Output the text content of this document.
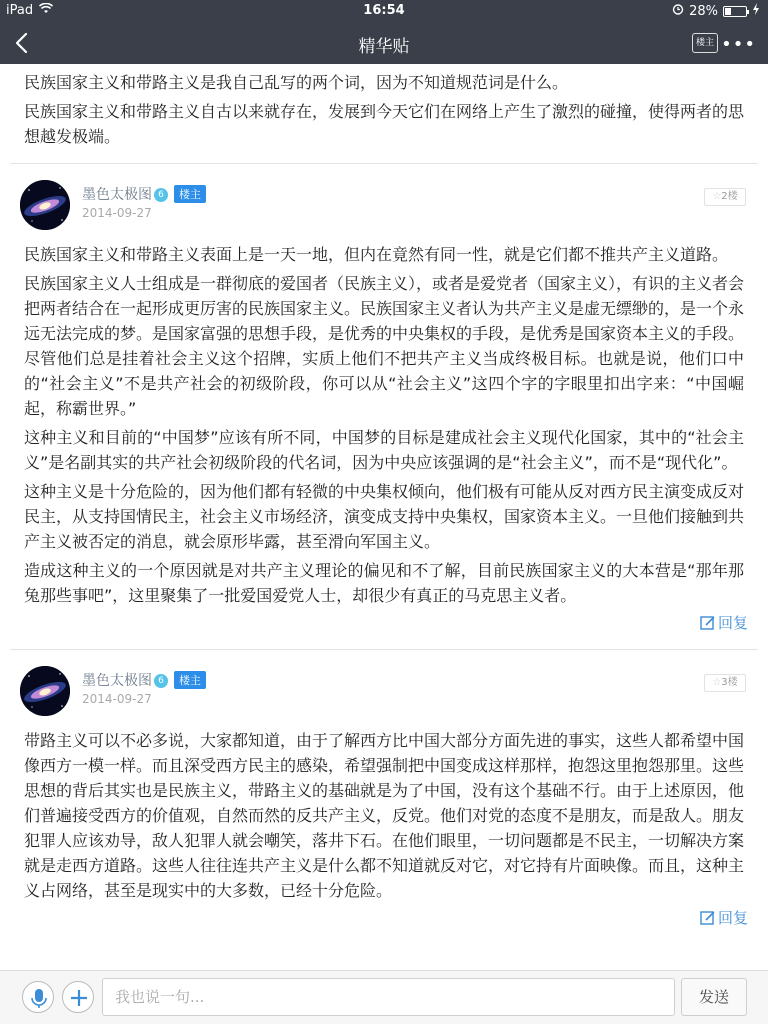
iPad	16:54	28%
精华贴	楼主 •••

民族国家主义和带路主义是我自己乱写的两个词，因为不知道规范词是什么。

民族国家主义和带路主义自古以来就存在，发展到今天它们在网络上产生了激烈的碰撞，使得两者的思想越发极端。

墨色太极图 6 楼主
2014-09-27
☆2楼

民族国家主义和带路主义表面上是一天一地，但内在竟然有同一性，就是它们都不推共产主义道路。

民族国家主义人士组成是一群彻底的爱国者（民族主义），或者是爱党者（国家主义），有识的主义者会把两者结合在一起形成更厉害的民族国家主义。民族国家主义者认为共产主义是虚无缥缈的，是一个永远无法完成的梦。是国家富强的思想手段，是优秀的中央集权的手段，是优秀是国家资本主义的手段。尽管他们总是挂着社会主义这个招牌，实质上他们不把共产主义当成终极目标。也就是说，他们口中的“社会主义”不是共产社会的初级阶段，你可以从“社会主义”这四个字的字眼里扣出字来：“中国崛起，称霸世界。”

这种主义和目前的“中国梦”应该有所不同，中国梦的目标是建成社会主义现代化国家，其中的“社会主义”是名副其实的共产社会初级阶段的代名词，因为中央应该强调的是“社会主义”，而不是“现代化”。

这种主义是十分危险的，因为他们都有轻微的中央集权倾向，他们极有可能从反对西方民主演变成反对民主，从支持国情民主，社会主义市场经济，演变成支持中央集权，国家资本主义。一旦他们接触到共产主义被否定的消息，就会原形毕露，甚至滑向军国主义。

造成这种主义的一个原因就是对共产主义理论的偏见和不了解，目前民族国家主义的大本营是“那年那兔那些事吧”，这里聚集了一批爱国爱党人士，却很少有真正的马克思主义者。

回复
墨色太极图 6 楼主
2014-09-27
☆3楼

带路主义可以不必多说，大家都知道，由于了解西方比中国大部分方面先进的事实，这些人都希望中国像西方一模一样。而且深受西方民主的感染，希望强制把中国变成这样那样，抱怨这里抱怨那里。这些思想的背后其实也是民族主义，带路主义的基础就是为了中国，没有这个基础不行。由于上述原因，他们普遍接受西方的价值观，自然而然的反共产主义，反党。他们对党的态度不是朋友，而是敌人。朋友犯罪人应该劝导，敌人犯罪人就会嘲笑，落井下石。在他们眼里，一切问题都是不民主，一切解决方案就是走西方道路。这些人往往连共产主义是什么都不知道就反对它，对它持有片面映像。而且，这种主义占网络，甚至是现实中的大多数，已经十分危险。

回复
我也说一句...	发送
